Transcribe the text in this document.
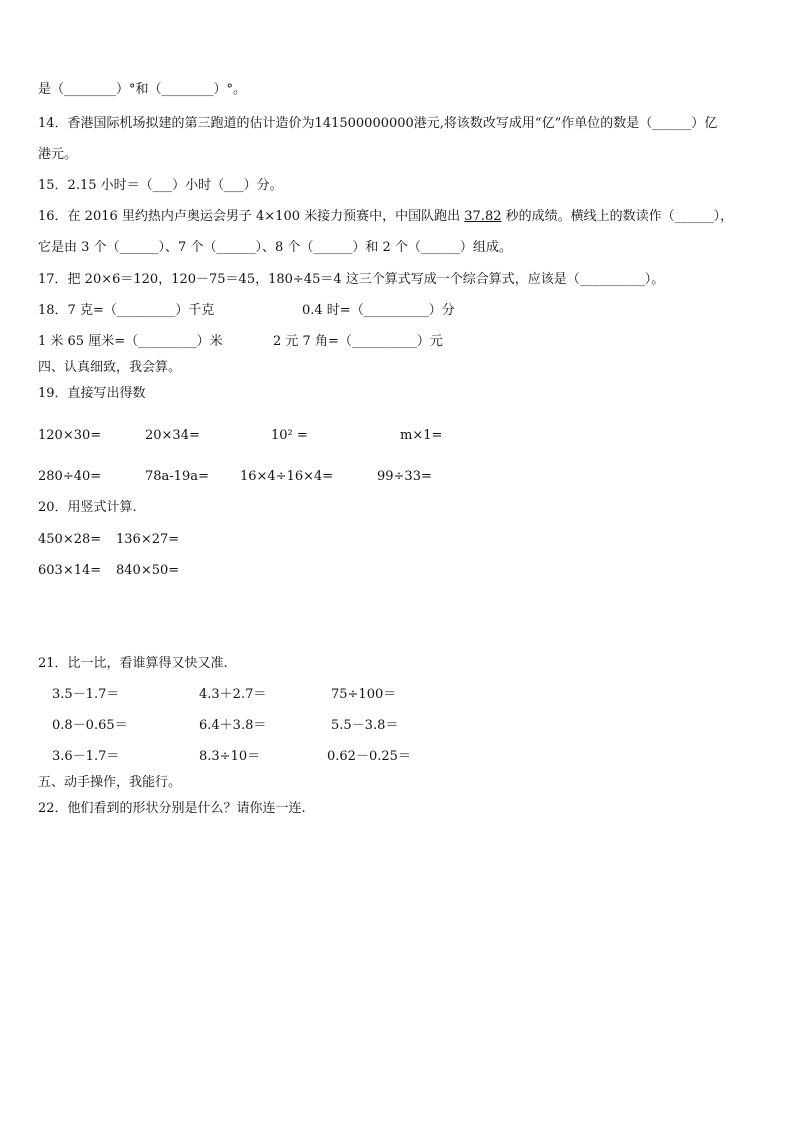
是（________）°和（________）°。
14．香港国际机场拟建的第三跑道的估计造价为141500000000港元,将该数改写成用“亿”作单位的数是（______）亿
港元。
15．2.15 小时＝（___）小时（___）分。
16．在 2016 里约热内卢奥运会男子 4×100 米接力预赛中，中国队跑出 37.82 秒的成绩。横线上的数读作（______），
它是由 3 个（______）、7 个（______）、8 个（______）和 2 个（______）组成。
17．把 20×6＝120，120－75＝45，180÷45＝4 这三个算式写成一个综合算式，应该是（__________）。
18．7 克=（_________）千克	0.4 时=（__________）分
1 米 65 厘米=（_________）米	2 元 7 角=（__________）元
四、认真细致，我会算。
19．直接写出得数
120×30=	20×34=	10² =	m×1=
280÷40=	78a-19a= 16×4÷16×4=	99÷33=
20．用竖式计算.
450×28= 136×27=
603×14= 840×50=
21．比一比，看谁算得又快又准.
3.5－1.7＝	4.3＋2.7＝	75÷100＝
0.8－0.65＝	6.4＋3.8＝	5.5－3.8＝
3.6－1.7＝	8.3÷10＝	0.62－0.25＝
五、动手操作，我能行。
22．他们看到的形状分别是什么？请你连一连.
